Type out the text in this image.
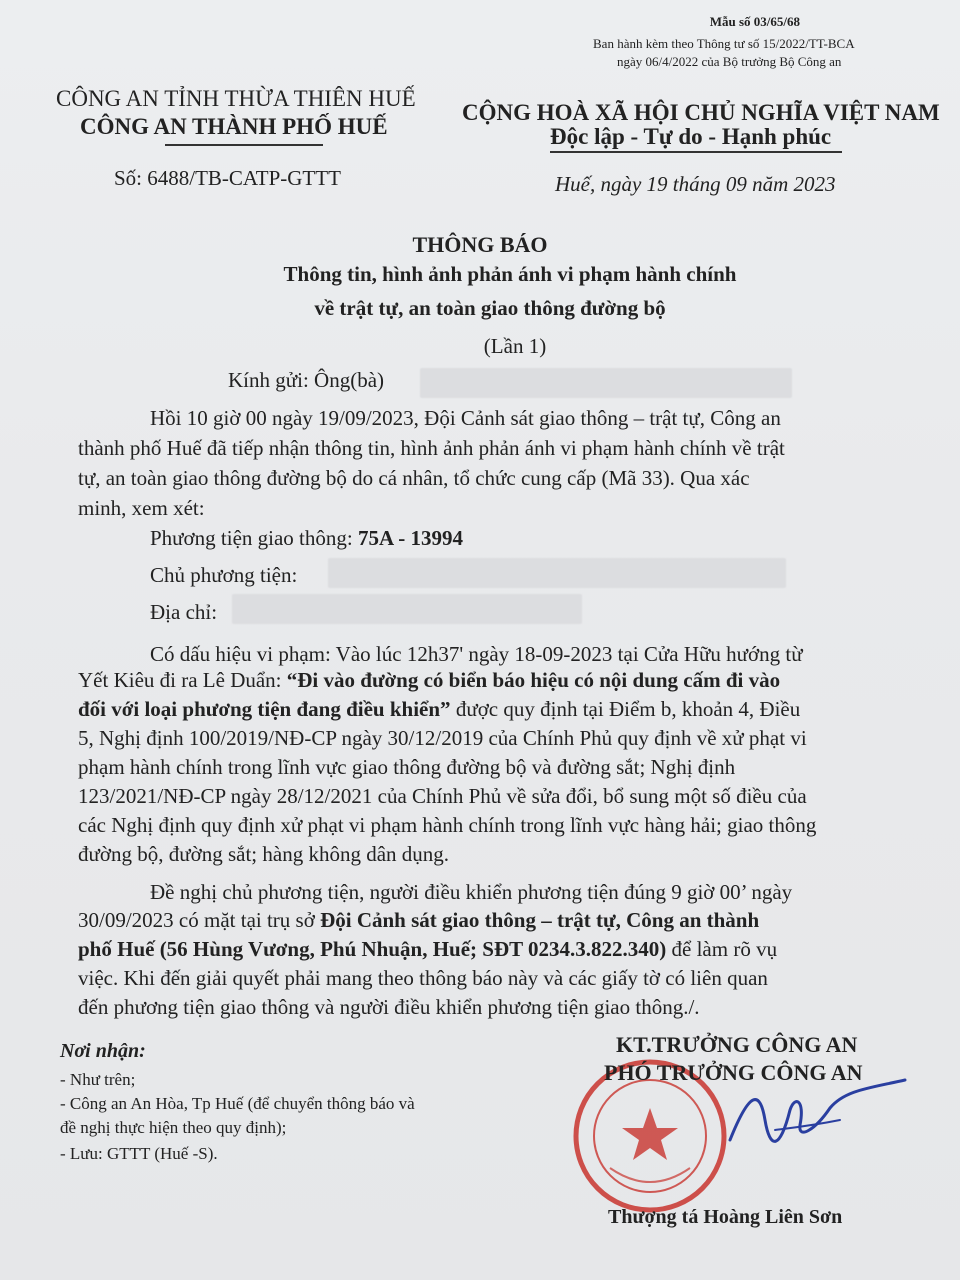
Mẫu số 03/65/68
Ban hành kèm theo Thông tư số 15/2022/TT-BCA
ngày 06/4/2022 của Bộ trưởng Bộ Công an
CÔNG AN TỈNH THỪA THIÊN HUẾ
CÔNG AN THÀNH PHỐ HUẾ
Số: 6488/TB-CATP-GTTT
CỘNG HOÀ XÃ HỘI CHỦ NGHĨA VIỆT NAM
Độc lập - Tự do - Hạnh phúc
Huế, ngày 19 tháng 09 năm 2023
THÔNG BÁO
Thông tin, hình ảnh phản ánh vi phạm hành chính
về trật tự, an toàn giao thông đường bộ
(Lần 1)
Kính gửi: Ông(bà)
Hồi 10 giờ 00 ngày 19/09/2023, Đội Cảnh sát giao thông – trật tự, Công an
thành phố Huế đã tiếp nhận thông tin, hình ảnh phản ánh vi phạm hành chính về trật
tự, an toàn giao thông đường bộ do cá nhân, tổ chức cung cấp (Mã 33). Qua xác
minh, xem xét:
Phương tiện giao thông: 75A - 13994
Chủ phương tiện:
Địa chỉ:
Có dấu hiệu vi phạm: Vào lúc 12h37' ngày 18-09-2023 tại Cửa Hữu hướng từ
Yết Kiêu đi ra Lê Duẩn: “Đi vào đường có biển báo hiệu có nội dung cấm đi vào
đối với loại phương tiện đang điều khiển” được quy định tại Điểm b, khoản 4, Điều
5, Nghị định 100/2019/NĐ-CP ngày 30/12/2019 của Chính Phủ quy định về xử phạt vi
phạm hành chính trong lĩnh vực giao thông đường bộ và đường sắt; Nghị định
123/2021/NĐ-CP ngày 28/12/2021 của Chính Phủ về sửa đổi, bổ sung một số điều của
các Nghị định quy định xử phạt vi phạm hành chính trong lĩnh vực hàng hải; giao thông
đường bộ, đường sắt; hàng không dân dụng.
Đề nghị chủ phương tiện, người điều khiển phương tiện đúng 9 giờ 00’ ngày
30/09/2023 có mặt tại trụ sở Đội Cảnh sát giao thông – trật tự, Công an thành
phố Huế (56 Hùng Vương, Phú Nhuận, Huế; SĐT 0234.3.822.340) để làm rõ vụ
việc. Khi đến giải quyết phải mang theo thông báo này và các giấy tờ có liên quan
đến phương tiện giao thông và người điều khiển phương tiện giao thông./.
Nơi nhận:
- Như trên;
- Công an An Hòa, Tp Huế (để chuyển thông báo và
đề nghị thực hiện theo quy định);
- Lưu: GTTT (Huế -S).
KT.TRƯỞNG CÔNG AN
PHÓ TRƯỞNG CÔNG AN
Thượng tá Hoàng Liên Sơn
